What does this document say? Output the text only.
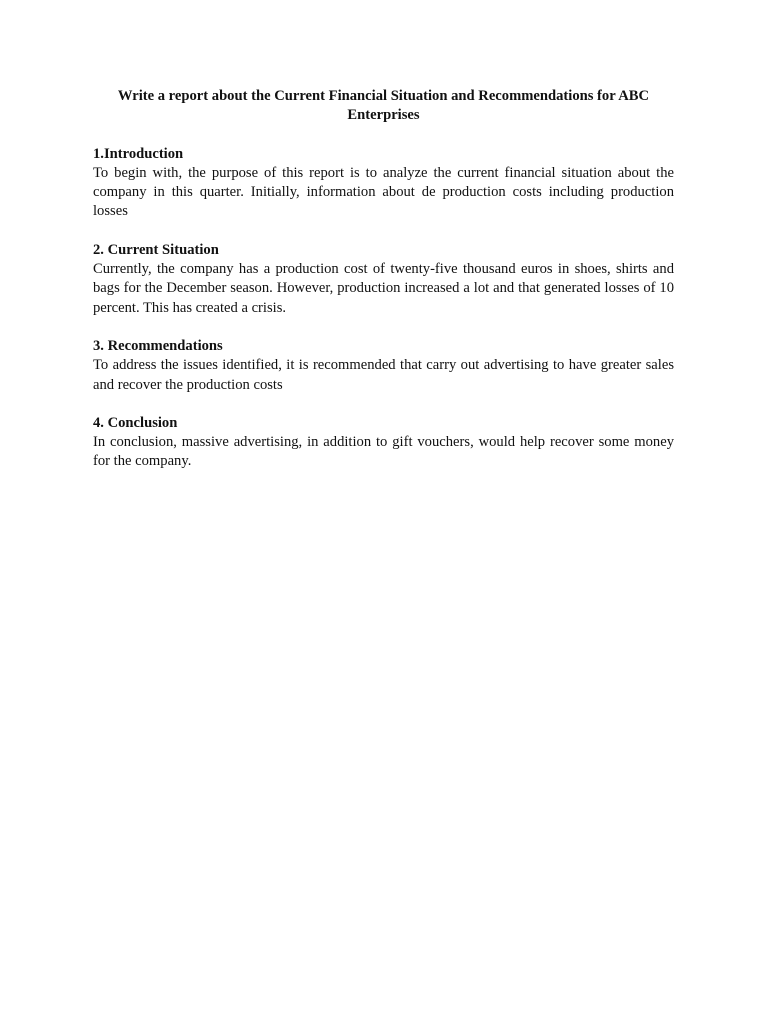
Write a report about the Current Financial Situation and Recommendations for ABC Enterprises
1.Introduction

To begin with, the purpose of this report is to analyze the current financial situation about the company in this quarter. Initially, information about de production costs including production losses

2. Current Situation

Currently, the company has a production cost of twenty-five thousand euros in shoes, shirts and bags for the December season. However, production increased a lot and that generated losses of 10 percent. This has created a crisis.

3. Recommendations

To address the issues identified, it is recommended that carry out advertising to have greater sales and recover the production costs

4. Conclusion

In conclusion, massive advertising, in addition to gift vouchers, would help recover some money for the company.
